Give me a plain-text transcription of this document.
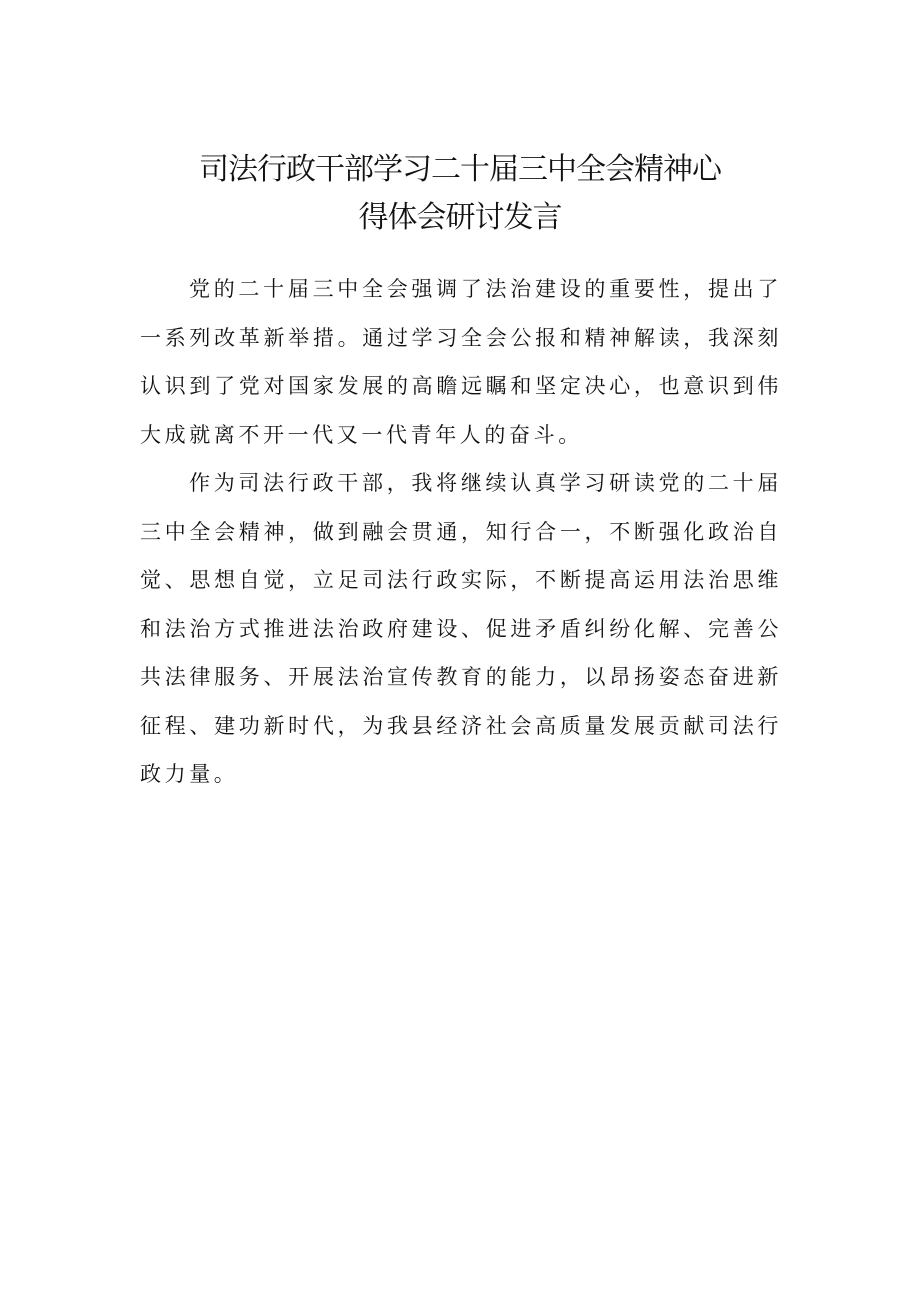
司法行政干部学习二十届三中全会精神心
得体会研讨发言

党的二十届三中全会强调了法治建设的重要性，提出了一系列改革新举措。通过学习全会公报和精神解读，我深刻认识到了党对国家发展的高瞻远瞩和坚定决心，也意识到伟大成就离不开一代又一代青年人的奋斗。

作为司法行政干部，我将继续认真学习研读党的二十届三中全会精神，做到融会贯通，知行合一，不断强化政治自觉、思想自觉，立足司法行政实际，不断提高运用法治思维和法治方式推进法治政府建设、促进矛盾纠纷化解、完善公共法律服务、开展法治宣传教育的能力，以昂扬姿态奋进新征程、建功新时代，为我县经济社会高质量发展贡献司法行政力量。
